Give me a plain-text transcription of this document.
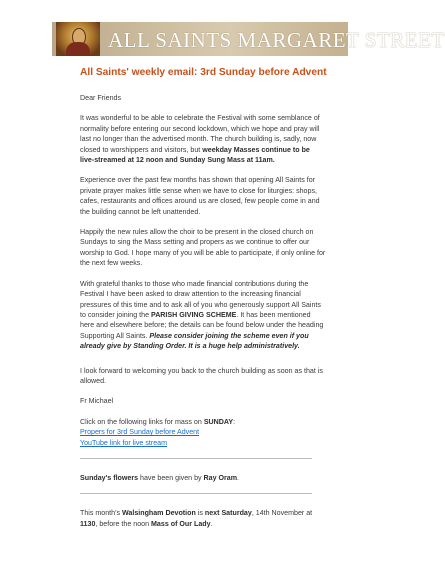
ALL SAINTS MARGARET STREET
All Saints' weekly email: 3rd Sunday before Advent

Dear Friends

It was wonderful to be able to celebrate the Festival with some semblance of normality before entering our second lockdown, which we hope and pray will last no longer than the advertised month. The church building is, sadly, now closed to worshippers and visitors, but weekday Masses continue to be live-streamed at 12 noon and Sunday Sung Mass at 11am.

Experience over the past few months has shown that opening All Saints for private prayer makes little sense when we have to close for liturgies: shops, cafes, restaurants and offices around us are closed, few people come in and the building cannot be left unattended.

Happily the new rules allow the choir to be present in the closed church on Sundays to sing the Mass setting and propers as we continue to offer our worship to God. I hope many of you will be able to participate, if only online for the next few weeks.

With grateful thanks to those who made financial contributions during the Festival I have been asked to draw attention to the increasing financial pressures of this time and to ask all of you who generously support All Saints to consider joining the PARISH GIVING SCHEME. It has been mentioned here and elsewhere before; the details can be found below under the heading Supporting All Saints. Please consider joining the scheme even if you already give by Standing Order. It is a huge help administratively.

I look forward to welcoming you back to the church building as soon as that is allowed.

Fr Michael

Click on the following links for mass on SUNDAY:

Propers for 3rd Sunday before Advent

YouTube link for live stream

Sunday's flowers have been given by Ray Oram.

This month's Walsingham Devotion is next Saturday, 14th November at 1130, before the noon Mass of Our Lady.
